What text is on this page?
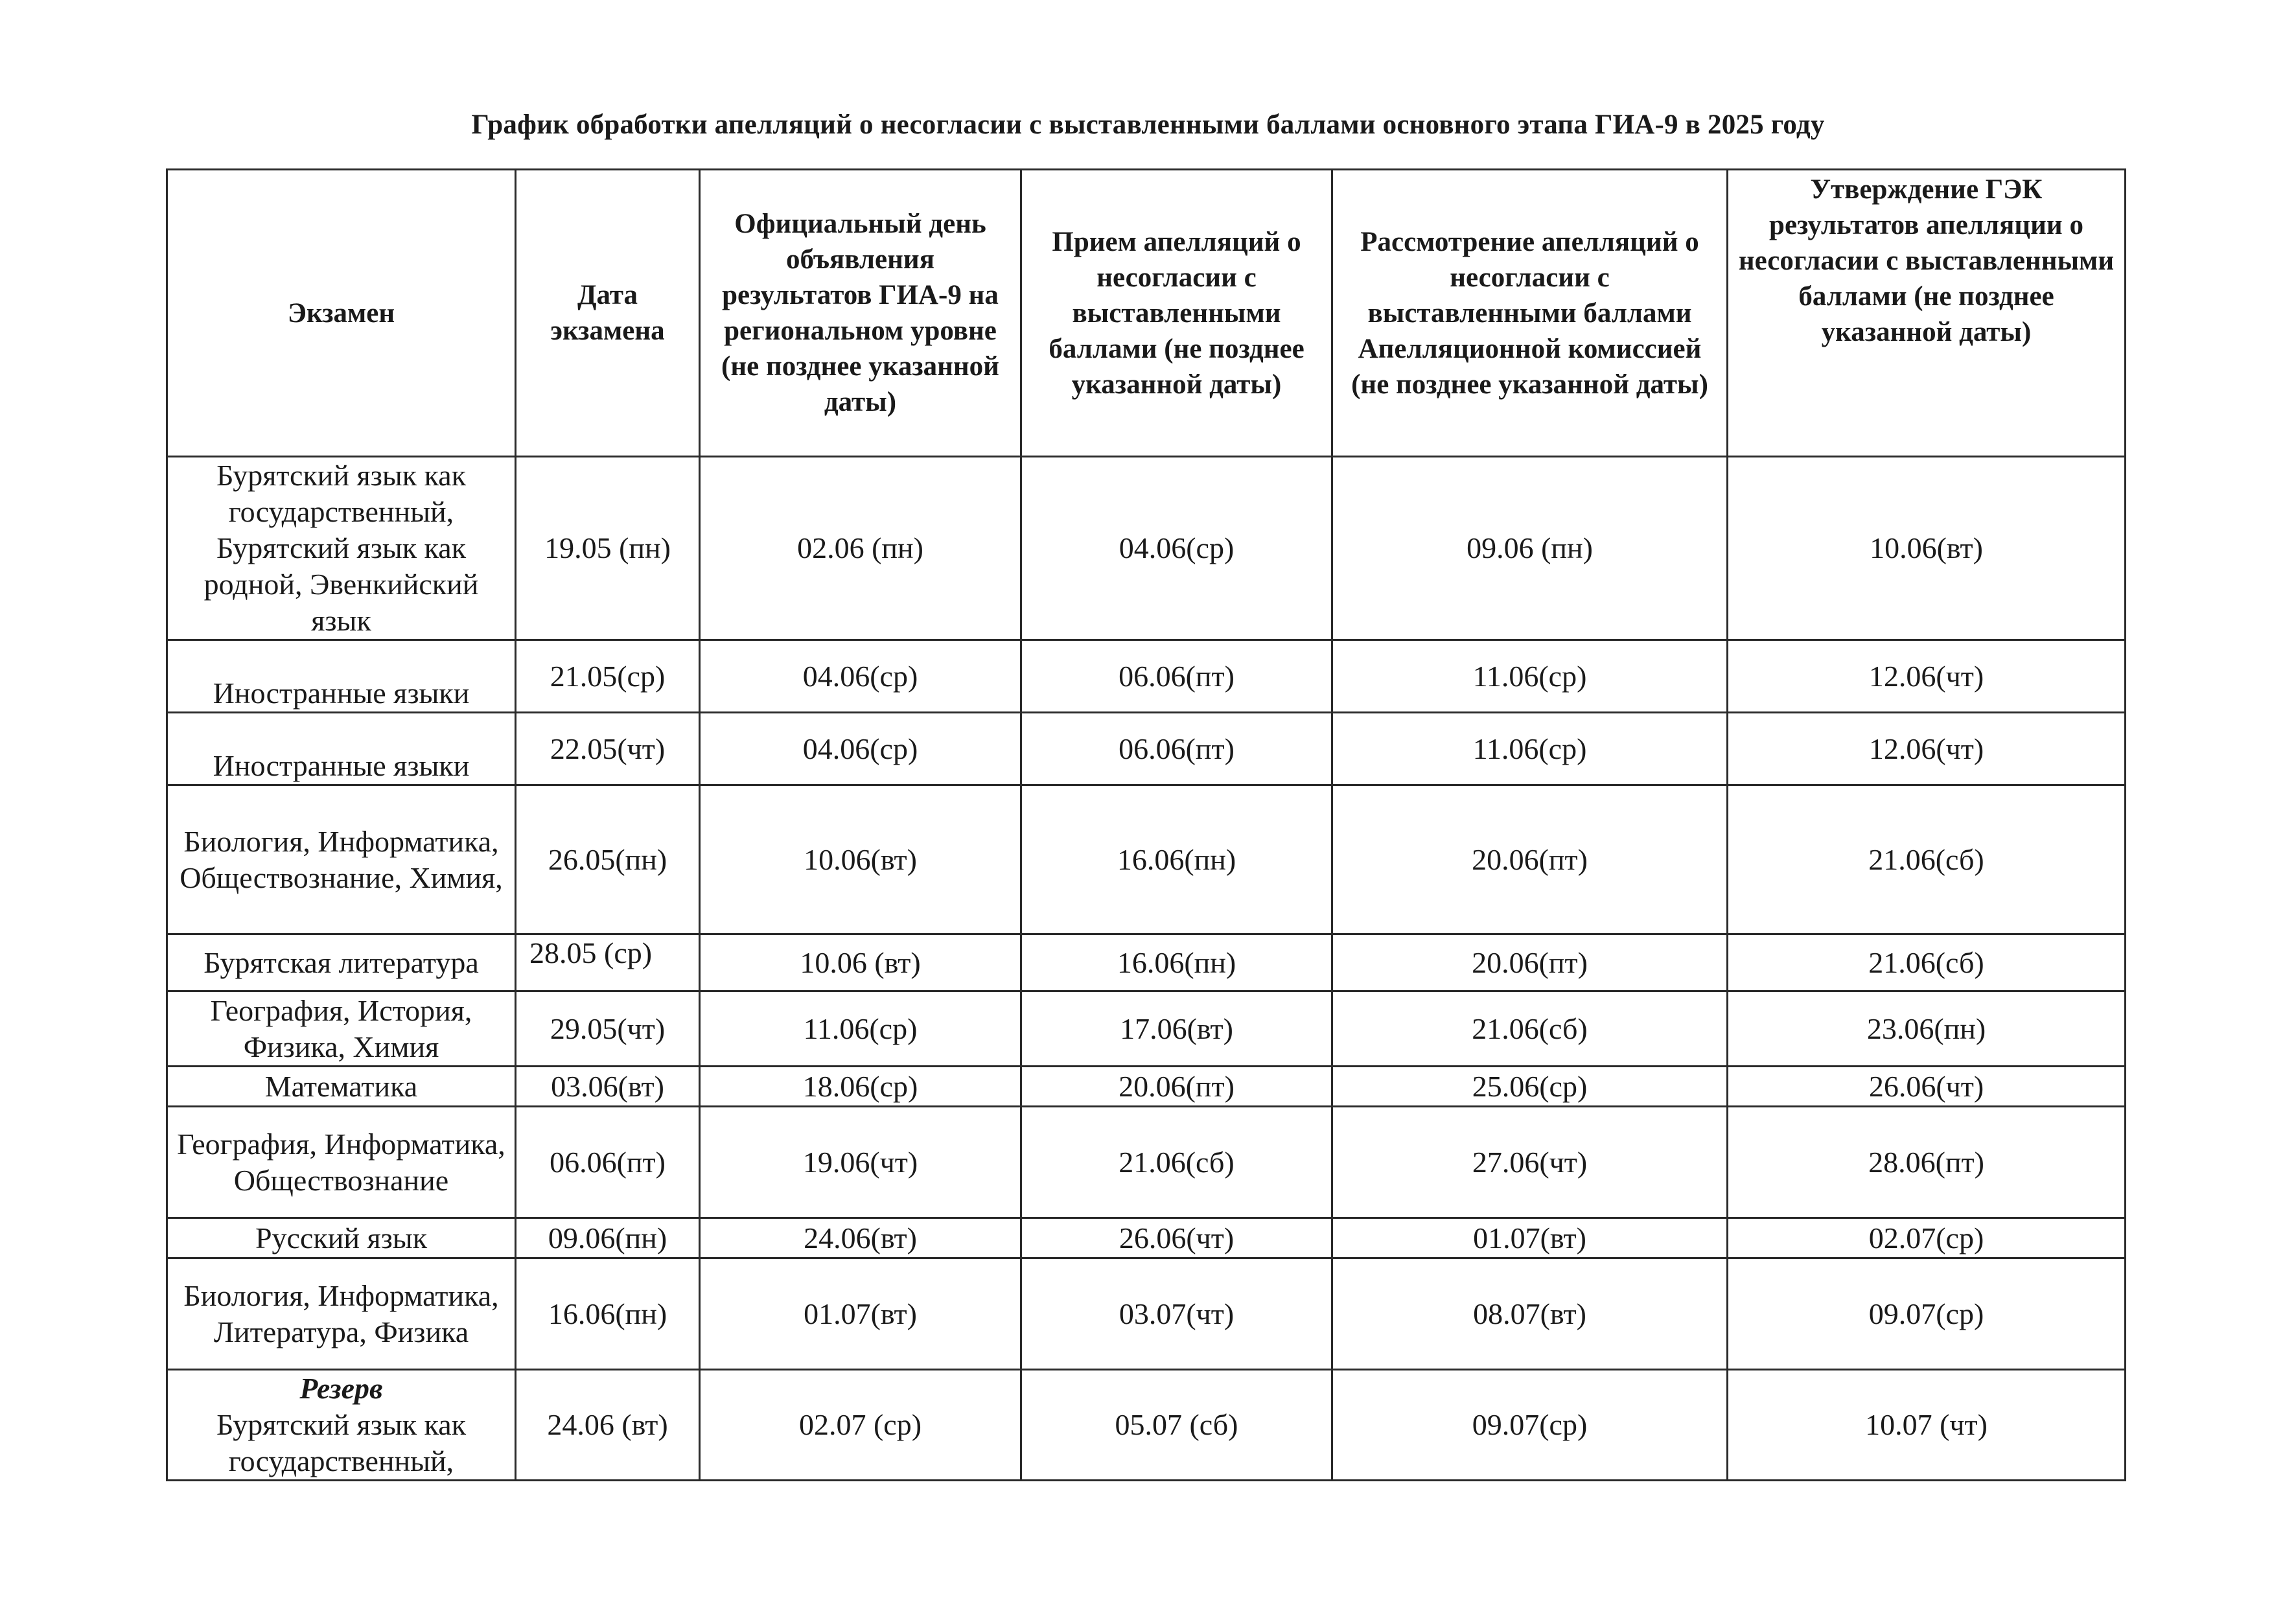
График обработки апелляций о несогласии с выставленными баллами основного этапа ГИА-9 в 2025 году
Экзамен	Дата экзамена	Официальный день объявления результатов ГИА-9 на региональном уровне (не позднее указанной даты)	Прием апелляций о несогласии с выставленными баллами (не позднее указанной даты)	Рассмотрение апелляций о несогласии с выставленными баллами Апелляционной комиссией (не позднее указанной даты)	Утверждение ГЭК результатов апелляции о несогласии с выставленными баллами (не позднее указанной даты)
Бурятский язык как государственный, Бурятский язык как родной, Эвенкийский язык	19.05 (пн)	02.06 (пн)	04.06(ср)	09.06 (пн)	10.06(вт)
Иностранные языки	21.05(ср)	04.06(ср)	06.06(пт)	11.06(ср)	12.06(чт)
Иностранные языки	22.05(чт)	04.06(ср)	06.06(пт)	11.06(ср)	12.06(чт)
Биология, Информатика, Обществознание, Химия,	26.05(пн)	10.06(вт)	16.06(пн)	20.06(пт)	21.06(сб)
Бурятская литература	28.05 (ср)	10.06 (вт)	16.06(пн)	20.06(пт)	21.06(сб)
География, История, Физика, Химия	29.05(чт)	11.06(ср)	17.06(вт)	21.06(сб)	23.06(пн)
Математика	03.06(вт)	18.06(ср)	20.06(пт)	25.06(ср)	26.06(чт)
География, Информатика, Обществознание	06.06(пт)	19.06(чт)	21.06(сб)	27.06(чт)	28.06(пт)
Русский язык	09.06(пн)	24.06(вт)	26.06(чт)	01.07(вт)	02.07(ср)
Биология, Информатика, Литература, Физика	16.06(пн)	01.07(вт)	03.07(чт)	08.07(вт)	09.07(ср)

Резерв
Бурятский язык как государственный,	24.06 (вт)	02.07 (ср)	05.07 (сб)	09.07(ср)	10.07 (чт)
